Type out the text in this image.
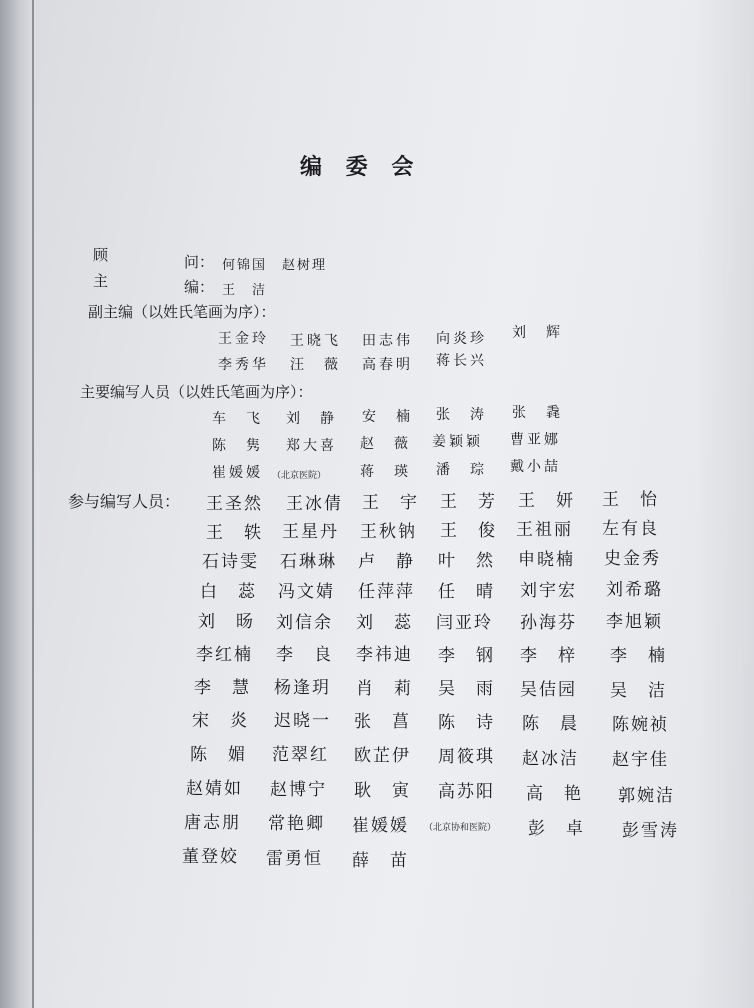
编 委 会
顾	问： 何锦国　赵树理
主	编： 王　洁
副主编（以姓氏笔画为序）：
王金玲 王晓飞 田志伟 向炎珍 刘　辉
李秀华 汪　薇 高春明 蒋长兴
主要编写人员（以姓氏笔画为序）：
车　飞 刘　静 安　楠 张　涛 张　毳
陈　隽 郑大喜 赵　薇 姜颖颖 曹亚娜
崔媛媛 （北京医院） 蒋　瑛 潘　琮 戴小喆
参与编写人员： 王圣然 王冰倩 王　宇 王　芳 王　妍 王　怡
王　轶 王星丹 王秋钠 王　俊 王祖丽 左有良
石诗雯 石琳琳 卢　静 叶　然 申晓楠 史金秀
白　蕊 冯文婧 任萍萍 任　晴 刘宇宏 刘希璐
刘　旸 刘信余 刘　蕊 闫亚玲 孙海芬 李旭颖
李红楠 李　良 李祎迪 李　钢 李　梓 李　楠
李　慧 杨逢玥 肖　莉 吴　雨 吴佶园 吴　洁
宋　炎 迟晓一 张　菖 陈　诗 陈　晨 陈婉祯
陈　媚 范翠红 欧芷伊 周筱琪 赵冰洁 赵宇佳
赵婧如 赵博宁 耿　寅 高苏阳 高　艳 郭婉洁
唐志朋 常艳卿 崔媛媛 （北京协和医院） 彭　卓 彭雪涛
董登姣 雷勇恒 薛　苗
